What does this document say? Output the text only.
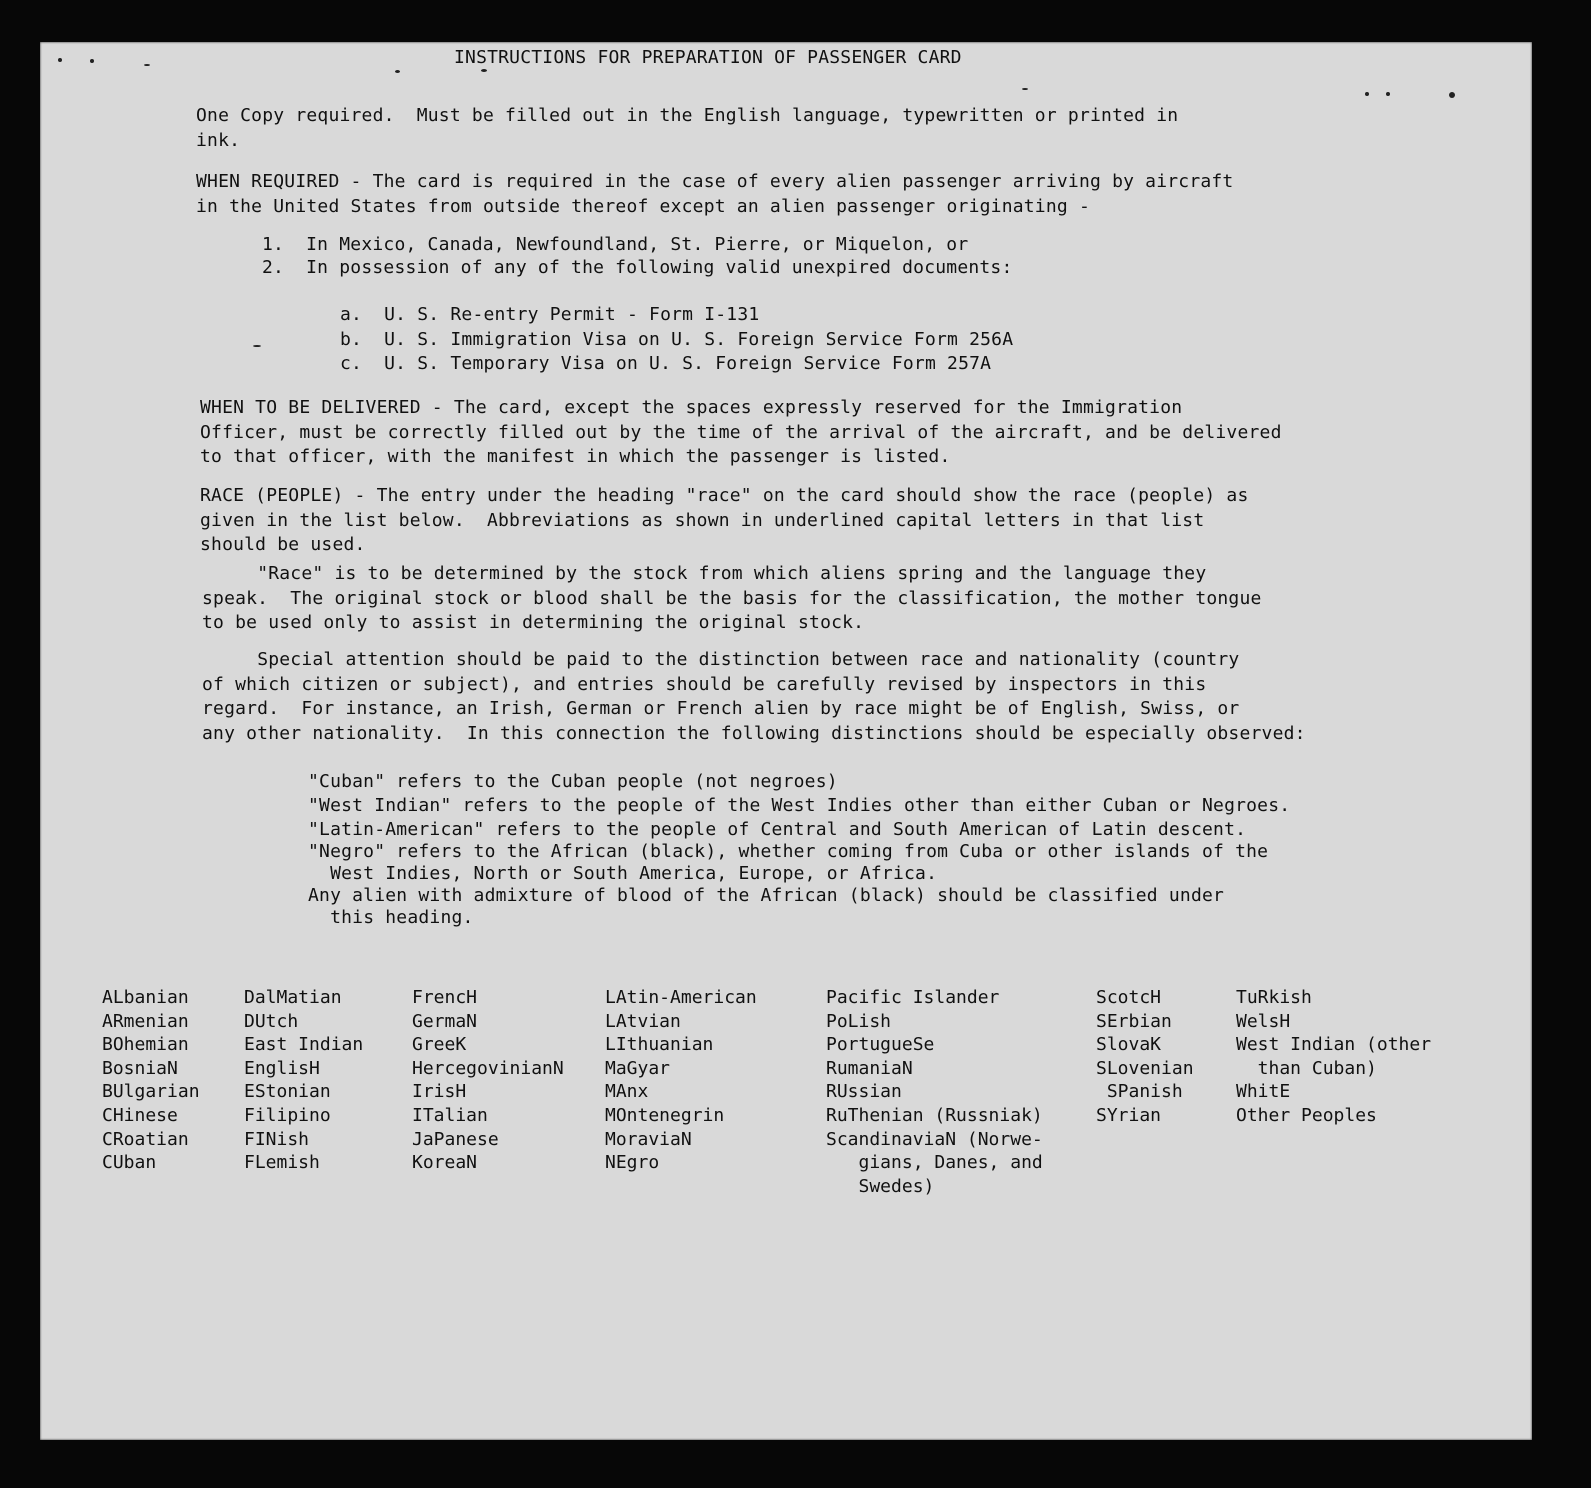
INSTRUCTIONS FOR PREPARATION OF PASSENGER CARD
One Copy required.  Must be filled out in the English language, typewritten or printed in
ink.
WHEN REQUIRED - The card is required in the case of every alien passenger arriving by aircraft
in the United States from outside thereof except an alien passenger originating -
1.  In Mexico, Canada, Newfoundland, St. Pierre, or Miquelon, or
2.  In possession of any of the following valid unexpired documents:
a.  U. S. Re-entry Permit - Form I-131
b.  U. S. Immigration Visa on U. S. Foreign Service Form 256A
c.  U. S. Temporary Visa on U. S. Foreign Service Form 257A
WHEN TO BE DELIVERED - The card, except the spaces expressly reserved for the Immigration
Officer, must be correctly filled out by the time of the arrival of the aircraft, and be delivered
to that officer, with the manifest in which the passenger is listed.
RACE (PEOPLE) - The entry under the heading "race" on the card should show the race (people) as
given in the list below.  Abbreviations as shown in underlined capital letters in that list
should be used.
"Race" is to be determined by the stock from which aliens spring and the language they
speak.  The original stock or blood shall be the basis for the classification, the mother tongue
to be used only to assist in determining the original stock.
Special attention should be paid to the distinction between race and nationality (country
of which citizen or subject), and entries should be carefully revised by inspectors in this
regard.  For instance, an Irish, German or French alien by race might be of English, Swiss, or
any other nationality.  In this connection the following distinctions should be especially observed:
"Cuban" refers to the Cuban people (not negroes)
"West Indian" refers to the people of the West Indies other than either Cuban or Negroes.
"Latin-American" refers to the people of Central and South American of Latin descent.
"Negro" refers to the African (black), whether coming from Cuba or other islands of the
West Indies, North or South America, Europe, or Africa.
Any alien with admixture of blood of the African (black) should be classified under
this heading.
ALbanian
ARmenian
BOhemian
BosniaN
BUlgarian
CHinese
CRoatian
CUban
DalMatian
DUtch
East Indian
EnglisH
EStonian
Filipino
FINish
FLemish
FrencH
GermaN
GreeK
HercegovinianN
IrisH
ITalian
JaPanese
KoreaN
LAtin-American
LAtvian
LIthuanian
MaGyar
MAnx
MOntenegrin
MoraviaN
NEgro
Pacific Islander
PoLish
PortugueSe
RumaniaN
RUssian
RuThenian (Russniak)
ScandinaviaN (Norwe-
gians, Danes, and
Swedes)
ScotcH
SErbian
SlovaK
SLovenian
SPanish
SYrian
TuRkish
WelsH
West Indian (other
than Cuban)
WhitE
Other Peoples
